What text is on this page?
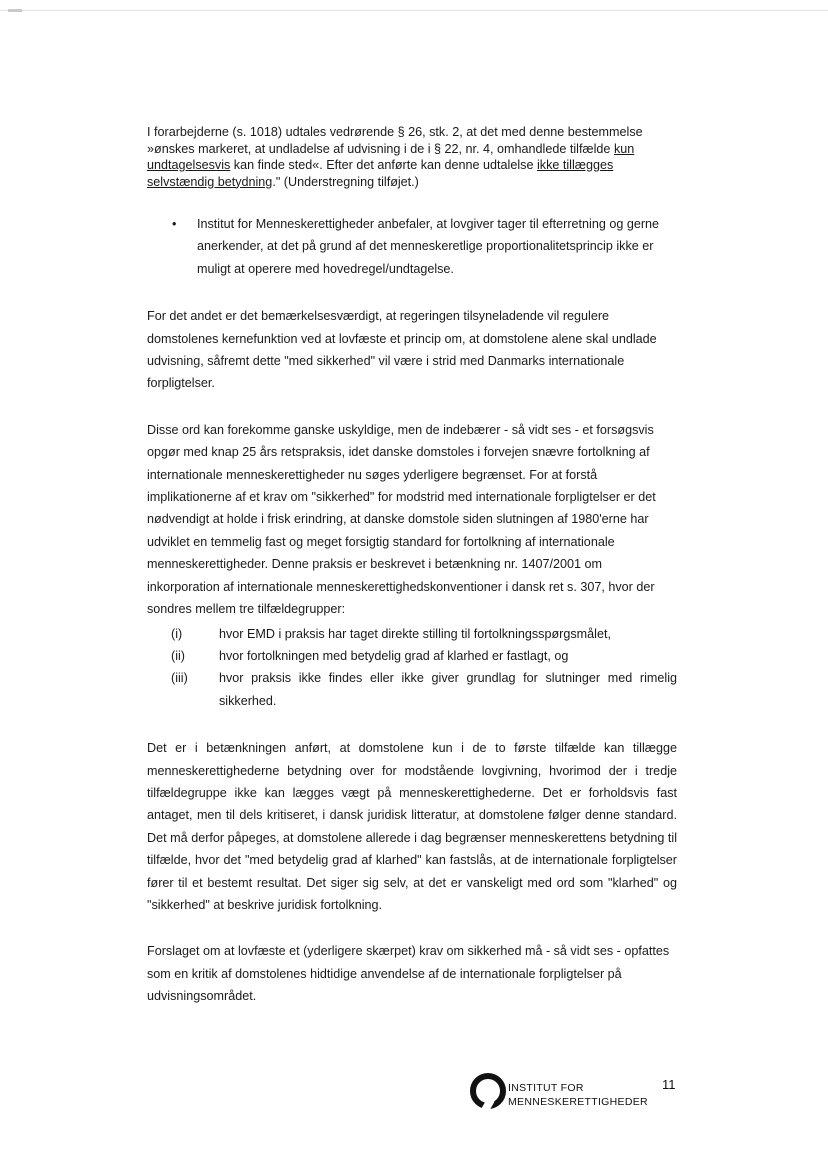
I forarbejderne (s. 1018) udtales vedrørende § 26, stk. 2, at det med denne bestemmelse »ønskes markeret, at undladelse af udvisning i de i § 22, nr. 4, omhandlede tilfælde kun undtagelsesvis kan finde sted«. Efter det anførte kan denne udtalelse ikke tillægges selvstændig betydning." (Understregning tilføjet.)

• Institut for Menneskerettigheder anbefaler, at lovgiver tager til efterretning og gerne anerkender, at det på grund af det menneskeretlige proportionalitetsprincip ikke er muligt at operere med hovedregel/undtagelse.

For det andet er det bemærkelsesværdigt, at regeringen tilsyneladende vil regulere domstolenes kernefunktion ved at lovfæste et princip om, at domstolene alene skal undlade udvisning, såfremt dette "med sikkerhed" vil være i strid med Danmarks internationale forpligtelser.

Disse ord kan forekomme ganske uskyldige, men de indebærer - så vidt ses - et forsøgsvis opgør med knap 25 års retspraksis, idet danske domstoles i forvejen snævre fortolkning af internationale menneskerettigheder nu søges yderligere begrænset. For at forstå implikationerne af et krav om "sikkerhed" for modstrid med internationale forpligtelser er det nødvendigt at holde i frisk erindring, at danske domstole siden slutningen af 1980'erne har udviklet en temmelig fast og meget forsigtig standard for fortolkning af internationale menneskerettigheder. Denne praksis er beskrevet i betænkning nr. 1407/2001 om inkorporation af internationale menneskerettighedskonventioner i dansk ret s. 307, hvor der sondres mellem tre tilfældegrupper:

(i)	hvor EMD i praksis har taget direkte stilling til fortolkningsspørgsmålet,
(ii)	hvor fortolkningen med betydelig grad af klarhed er fastlagt, og
(iii)	hvor praksis ikke findes eller ikke giver grundlag for slutninger med rimelig sikkerhed.

Det er i betænkningen anført, at domstolene kun i de to første tilfælde kan tillægge menneskerettighederne betydning over for modstående lovgivning, hvorimod der i tredje tilfældegruppe ikke kan lægges vægt på menneskerettighederne. Det er forholdsvis fast antaget, men til dels kritiseret, i dansk juridisk litteratur, at domstolene følger denne standard. Det må derfor påpeges, at domstolene allerede i dag begrænser menneskerettens betydning til tilfælde, hvor det "med betydelig grad af klarhed" kan fastslås, at de internationale forpligtelser fører til et bestemt resultat. Det siger sig selv, at det er vanskeligt med ord som "klarhed" og "sikkerhed" at beskrive juridisk fortolkning.

Forslaget om at lovfæste et (yderligere skærpet) krav om sikkerhed må - så vidt ses - opfattes som en kritik af domstolenes hidtidige anvendelse af de internationale forpligtelser på udvisningsområdet.

INSTITUT FOR
MENNESKERETTIGHEDER
11
